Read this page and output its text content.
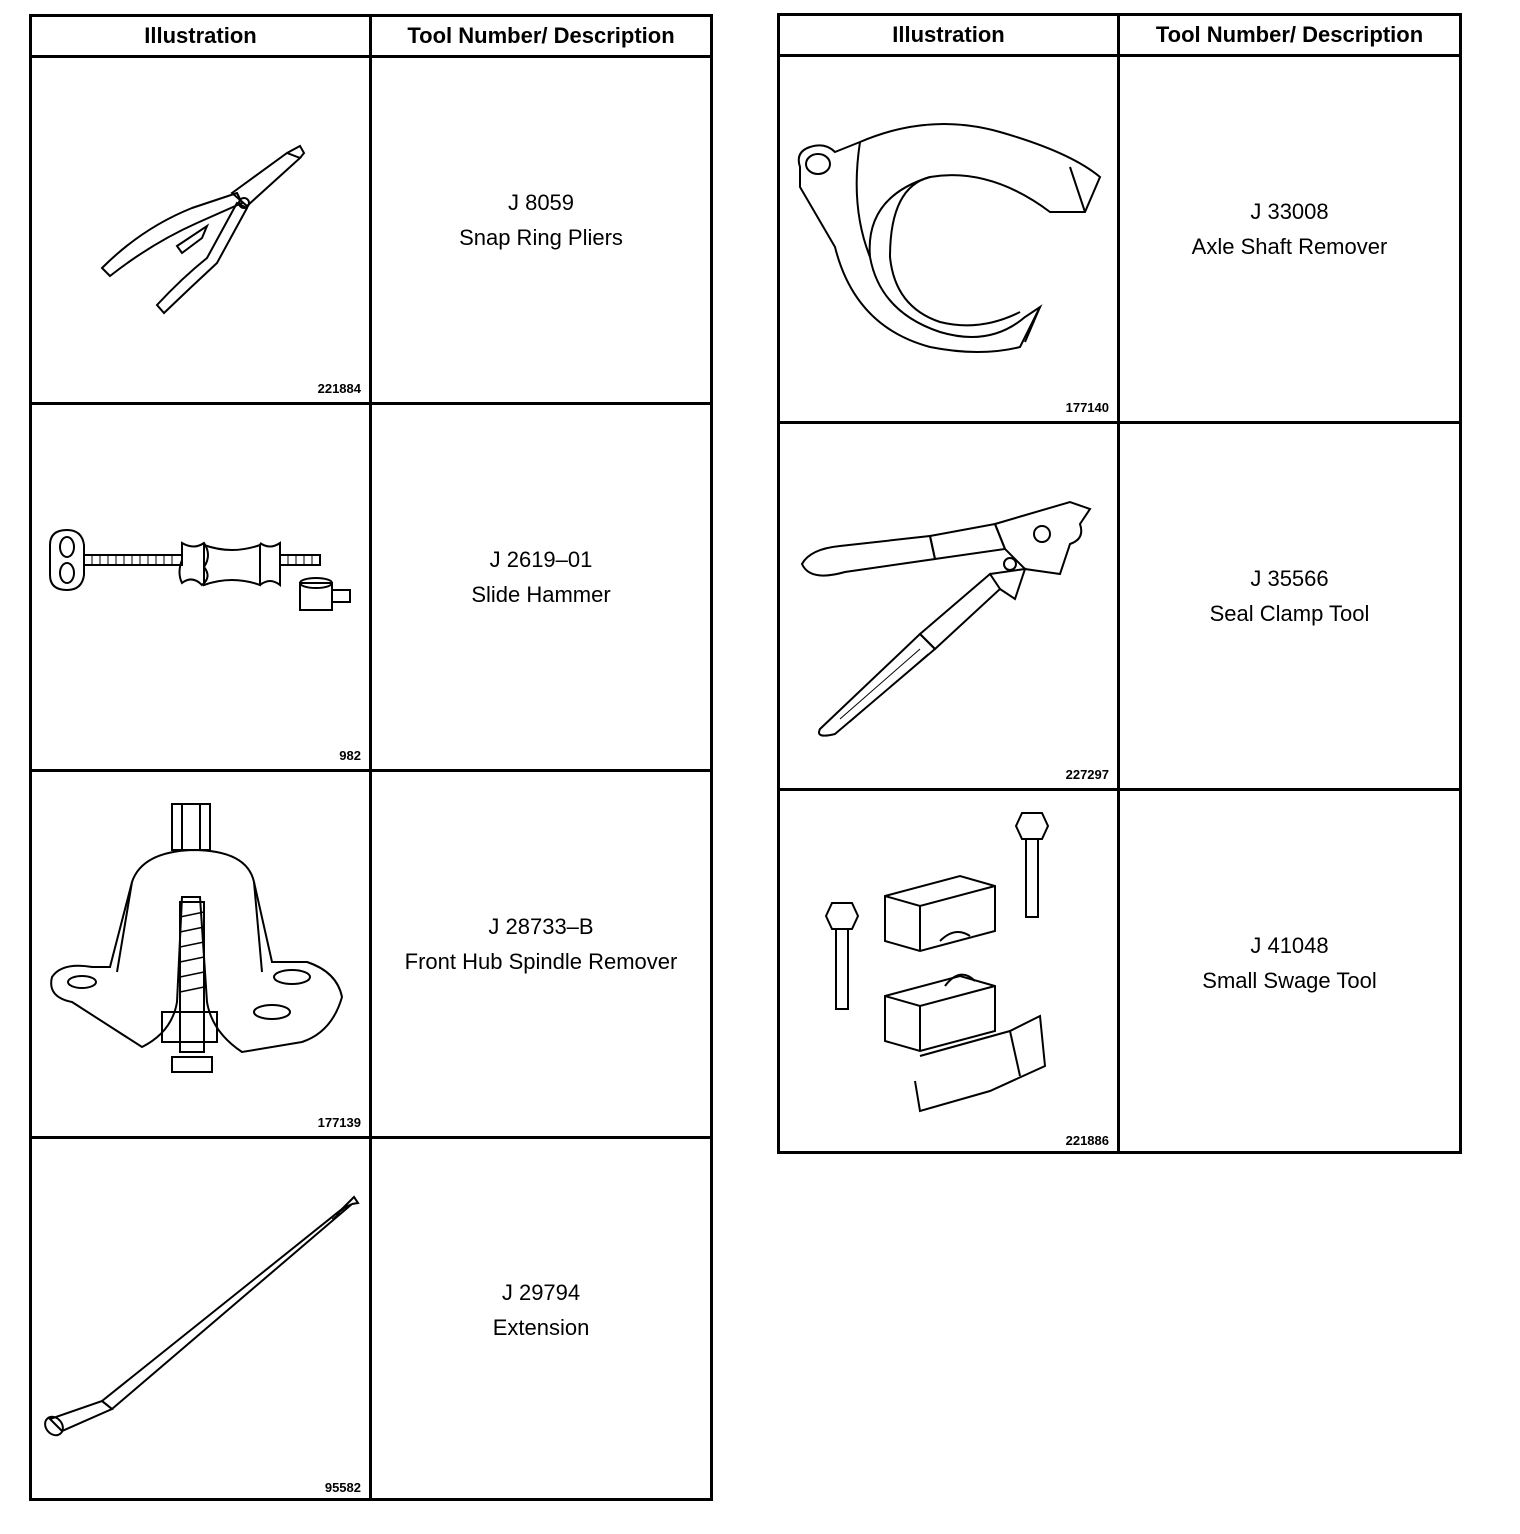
Illustration	Tool Number/ Description
221884
J 8059
Snap Ring Pliers
982
J 2619–01
Slide Hammer
177139
J 28733–B
Front Hub Spindle Remover
95582
J 29794
Extension
Illustration	Tool Number/ Description
177140
J 33008
Axle Shaft Remover
227297
J 35566
Seal Clamp Tool
221886
J 41048
Small Swage Tool
